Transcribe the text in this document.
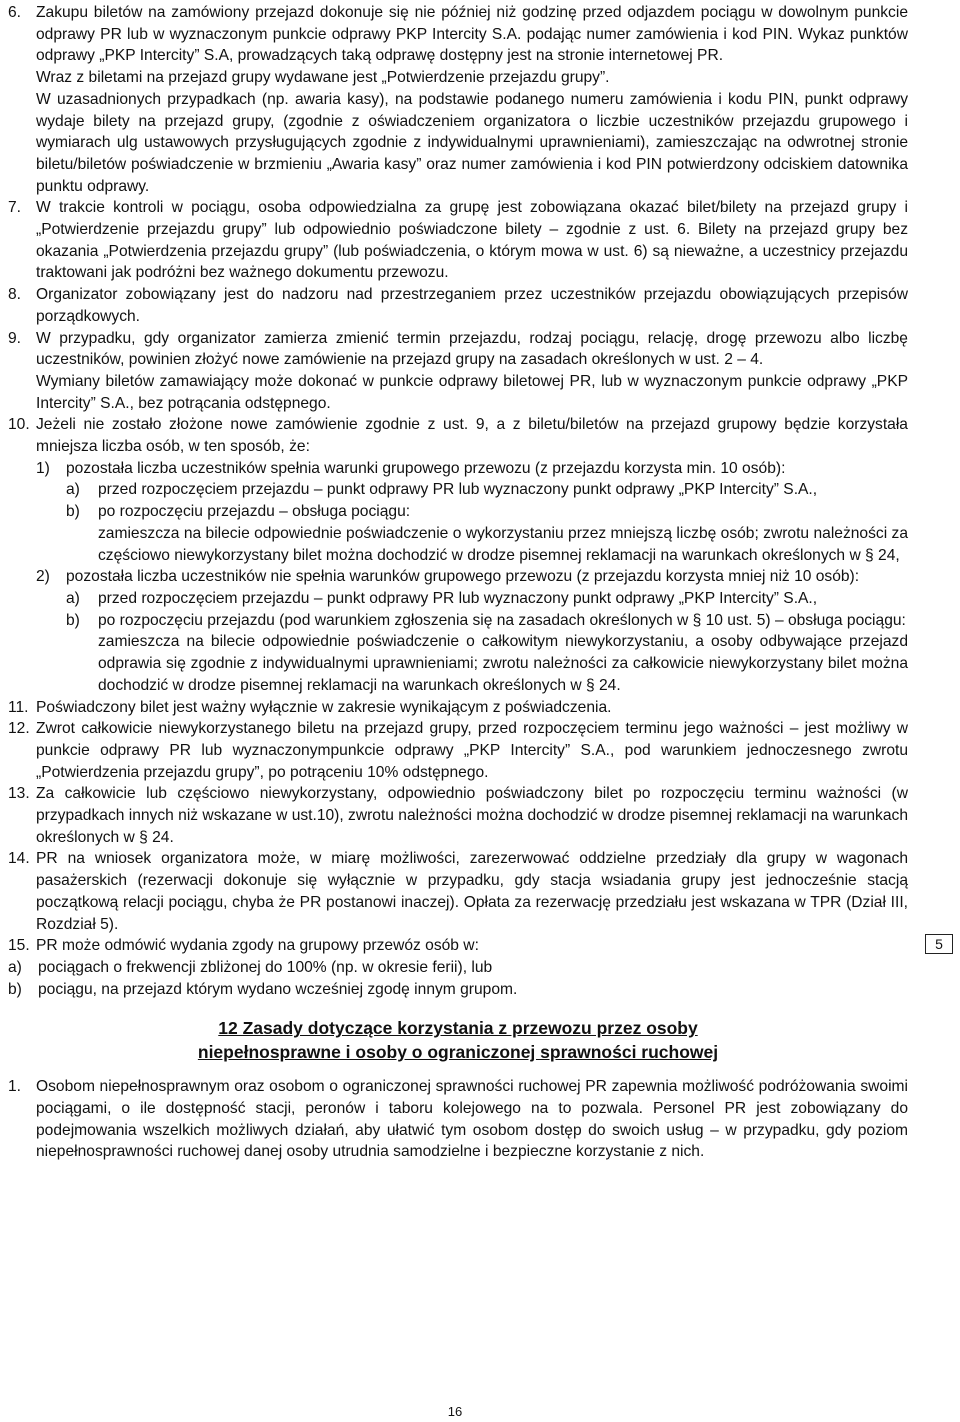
6. Zakupu biletów na zamówiony przejazd dokonuje się nie później niż godzinę przed odjazdem pociągu w dowolnym punkcie odprawy PR lub w wyznaczonym punkcie odprawy PKP Intercity S.A. podając numer zamówienia i kod PIN. Wykaz punktów odprawy „PKP Intercity” S.A, prowadzących taką odprawę dostępny jest na stronie internetowej PR.
Wraz z biletami na przejazd grupy wydawane jest „Potwierdzenie przejazdu grupy”.
W uzasadnionych przypadkach (np. awaria kasy), na podstawie podanego numeru zamówienia i kodu PIN, punkt odprawy wydaje bilety na przejazd grupy, (zgodnie z oświadczeniem organizatora o liczbie uczestników przejazdu grupowego i wymiarach ulg ustawowych przysługujących zgodnie z indywidualnymi uprawnieniami), zamieszczając na odwrotnej stronie biletu/biletów poświadczenie w brzmieniu „Awaria kasy” oraz numer zamówienia i kod PIN potwierdzony odciskiem datownika punktu odprawy.
7. W trakcie kontroli w pociągu, osoba odpowiedzialna za grupę jest zobowiązana okazać bilet/bilety na przejazd grupy i „Potwierdzenie przejazdu grupy” lub odpowiednio poświadczone bilety – zgodnie z ust. 6. Bilety na przejazd grupy bez okazania „Potwierdzenia przejazdu grupy” (lub poświadczenia, o którym mowa w ust. 6) są nieważne, a uczestnicy przejazdu traktowani jak podróżni bez ważnego dokumentu przewozu.
8. Organizator zobowiązany jest do nadzoru nad przestrzeganiem przez uczestników przejazdu obowiązujących przepisów porządkowych.
9. W przypadku, gdy organizator zamierza zmienić termin przejazdu, rodzaj pociągu, relację, drogę przewozu albo liczbę uczestników, powinien złożyć nowe zamówienie na przejazd grupy na zasadach określonych w ust. 2 – 4.
Wymiany biletów zamawiający może dokonać w punkcie odprawy biletowej PR, lub w wyznaczonym punkcie odprawy „PKP Intercity” S.A., bez potrącania odstępnego.
10. Jeżeli nie zostało złożone nowe zamówienie zgodnie z ust. 9, a z biletu/biletów na przejazd grupowy będzie korzystała mniejsza liczba osób, w ten sposób, że:
1) pozostała liczba uczestników spełnia warunki grupowego przewozu (z przejazdu korzysta min. 10 osób):
a) przed rozpoczęciem przejazdu – punkt odprawy PR lub wyznaczony punkt odprawy „PKP Intercity” S.A.,
b) po rozpoczęciu przejazdu – obsługa pociągu:
zamieszcza na bilecie odpowiednie poświadczenie o wykorzystaniu przez mniejszą liczbę osób; zwrotu należności za częściowo niewykorzystany bilet można dochodzić w drodze pisemnej reklamacji na warunkach określonych w § 24,
2) pozostała liczba uczestników nie spełnia warunków grupowego przewozu (z przejazdu korzysta mniej niż 10 osób):
a) przed rozpoczęciem przejazdu – punkt odprawy PR lub wyznaczony punkt odprawy „PKP Intercity” S.A.,
b) po rozpoczęciu przejazdu (pod warunkiem zgłoszenia się na zasadach określonych w § 10 ust. 5) – obsługa pociągu:
zamieszcza na bilecie odpowiednie poświadczenie o całkowitym niewykorzystaniu, a osoby odbywające przejazd odprawia się zgodnie z indywidualnymi uprawnieniami; zwrotu należności za całkowicie niewykorzystany bilet można dochodzić w drodze pisemnej reklamacji na warunkach określonych w § 24.
11. Poświadczony bilet jest ważny wyłącznie w zakresie wynikającym z poświadczenia.
12. Zwrot całkowicie niewykorzystanego biletu na przejazd grupy, przed rozpoczęciem terminu jego ważności – jest możliwy w punkcie odprawy PR lub wyznaczonympunkcie odprawy „PKP Intercity” S.A., pod warunkiem jednoczesnego zwrotu „Potwierdzenia przejazdu grupy”, po potrąceniu 10% odstępnego.
13. Za całkowicie lub częściowo niewykorzystany, odpowiednio poświadczony bilet po rozpoczęciu terminu ważności (w przypadkach innych niż wskazane w ust.10), zwrotu należności można dochodzić w drodze pisemnej reklamacji na warunkach określonych w § 24.
14. PR na wniosek organizatora może, w miarę możliwości, zarezerwować oddzielne przedziały dla grupy w wagonach pasażerskich (rezerwacji dokonuje się wyłącznie w przypadku, gdy stacja wsiadania grupy jest jednocześnie stacją początkową relacji pociągu, chyba że PR postanowi inaczej). Opłata za rezerwację przedziału jest wskazana w TPR (Dział III, Rozdział 5).
15. PR może odmówić wydania zgody na grupowy przewóz osób w:
a) pociągach o frekwencji zbliżonej do 100% (np. w okresie ferii), lub
b) pociągu, na przejazd którym wydano wcześniej zgodę innym grupom.
12 Zasady dotyczące korzystania z przewozu przez osoby
niepełnosprawne i osoby o ograniczonej sprawności ruchowej
1. Osobom niepełnosprawnym oraz osobom o ograniczonej sprawności ruchowej PR zapewnia możliwość podróżowania swoimi pociągami, o ile dostępność stacji, peronów i taboru kolejowego na to pozwala. Personel PR jest zobowiązany do podejmowania wszelkich możliwych działań, aby ułatwić tym osobom dostęp do swoich usług – w przypadku, gdy poziom niepełnosprawności ruchowej danej osoby utrudnia samodzielne i bezpieczne korzystanie z nich.
5
16
